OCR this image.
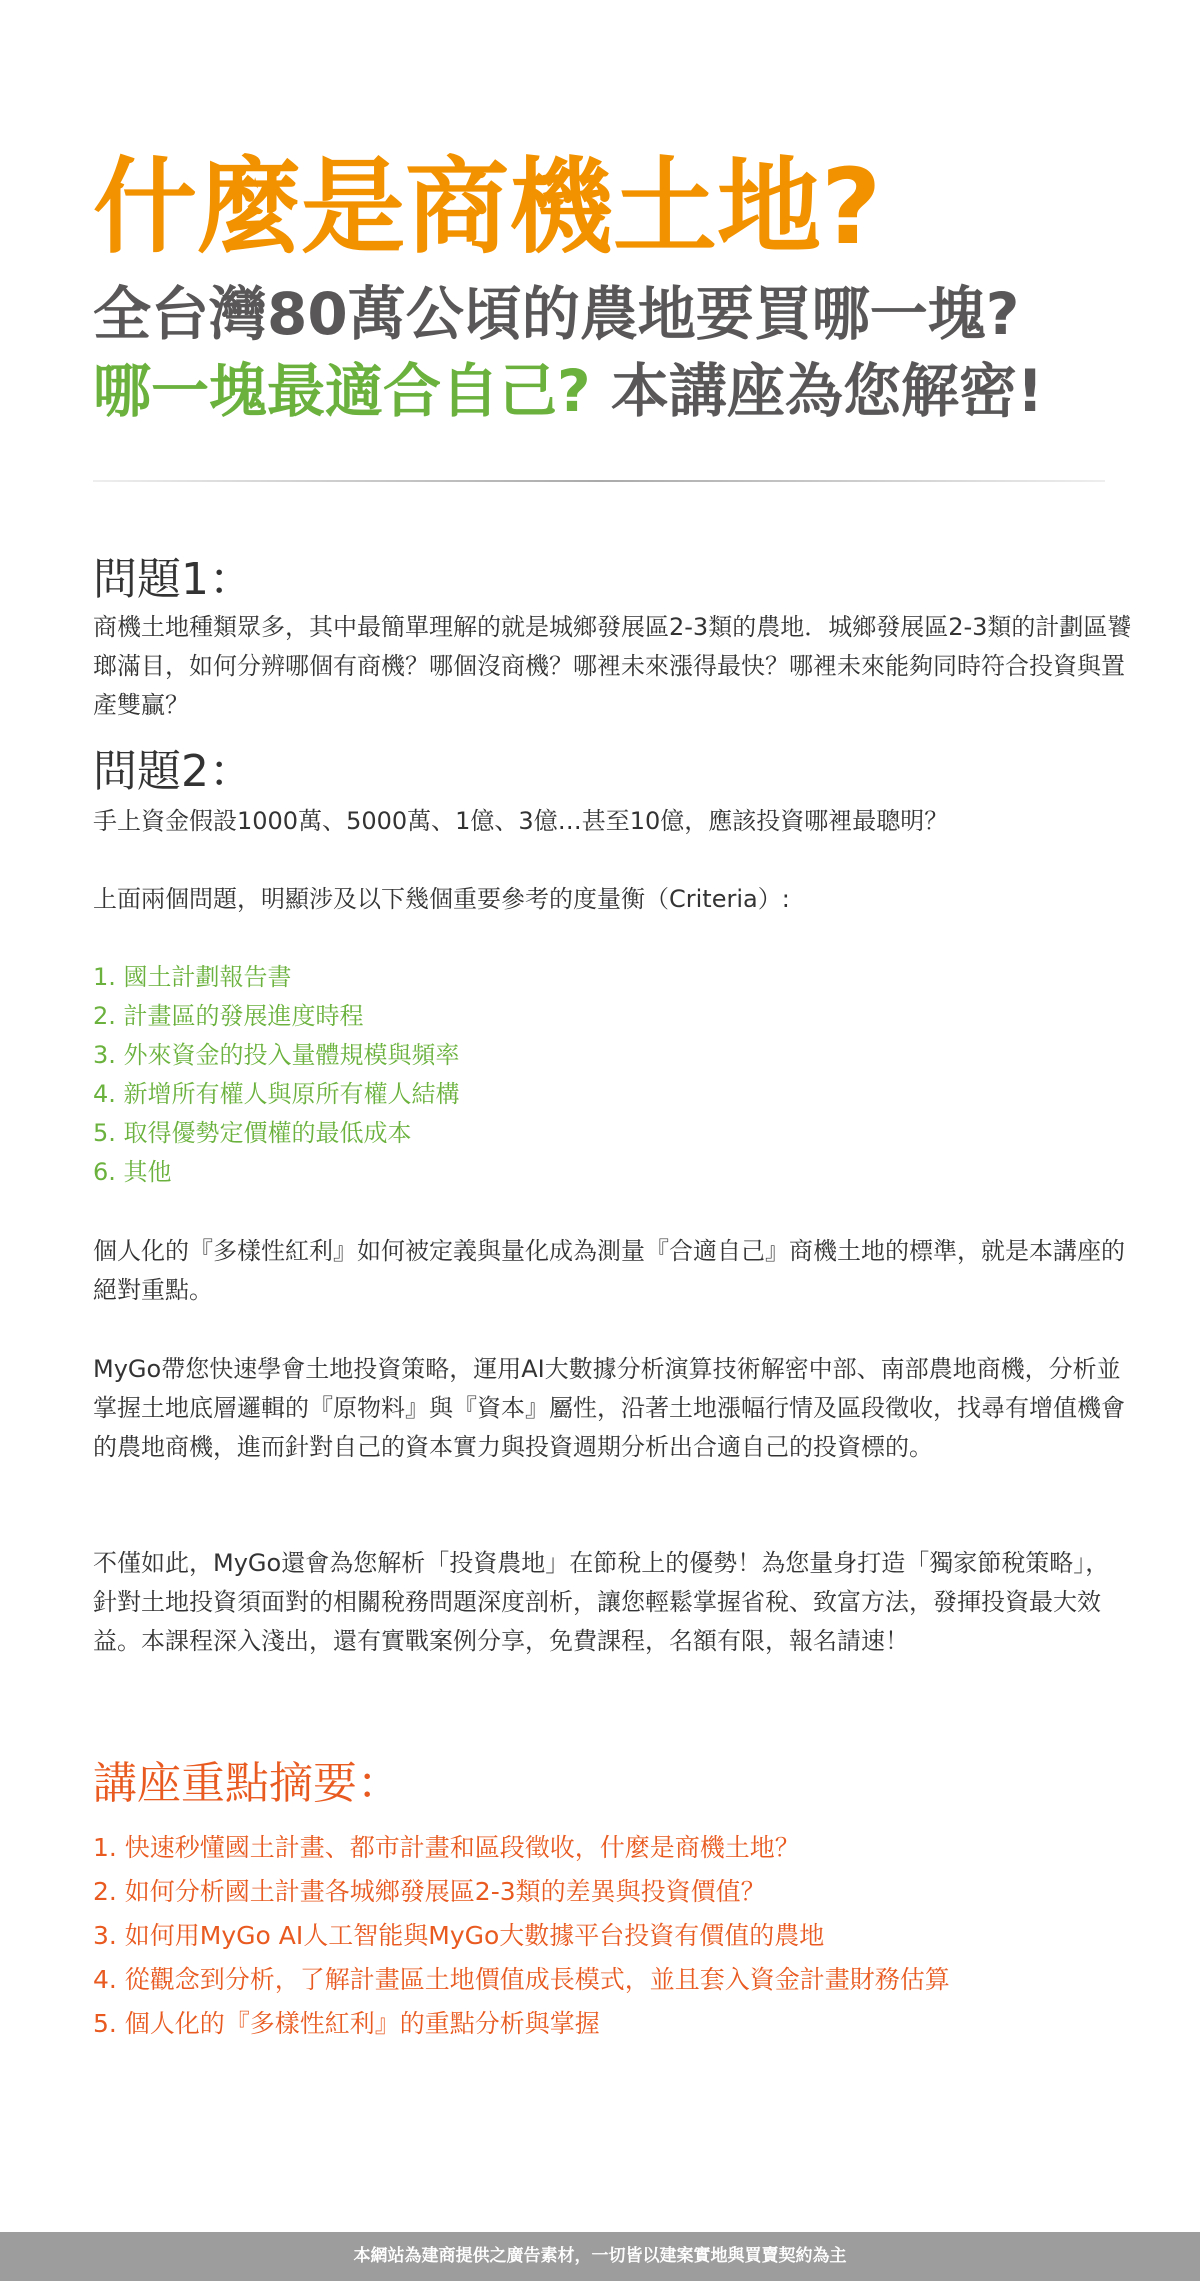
什麼是商機土地?
全台灣80萬公頃的農地要買哪一塊?
哪一塊最適合自己? 本講座為您解密!
問題1：

商機土地種類眾多，其中最簡單理解的就是城鄉發展區2-3類的農地．城鄉發展區2-3類的計劃區饕瑯滿目，如何分辨哪個有商機？哪個沒商機？哪裡未來漲得最快？哪裡未來能夠同時符合投資與置產雙贏？

問題2：

手上資金假設1000萬、5000萬、1億、3億…甚至10億，應該投資哪裡最聰明？

上面兩個問題，明顯涉及以下幾個重要參考的度量衡（Criteria）:

1. 國土計劃報告書
2. 計畫區的發展進度時程
3. 外來資金的投入量體規模與頻率
4. 新增所有權人與原所有權人結構
5. 取得優勢定價權的最低成本
6. 其他

個人化的『多樣性紅利』如何被定義與量化成為測量『合適自己』商機土地的標準，就是本講座的絕對重點。

MyGo帶您快速學會土地投資策略，運用AI大數據分析演算技術解密中部、南部農地商機，分析並掌握土地底層邏輯的『原物料』與『資本』屬性，沿著土地漲幅行情及區段徵收，找尋有增值機會的農地商機，進而針對自己的資本實力與投資週期分析出合適自己的投資標的。

不僅如此，MyGo還會為您解析「投資農地」在節稅上的優勢！為您量身打造「獨家節稅策略」，針對土地投資須面對的相關稅務問題深度剖析，讓您輕鬆掌握省稅、致富方法，發揮投資最大效益。本課程深入淺出，還有實戰案例分享，免費課程，名額有限，報名請速！

講座重點摘要：
1. 快速秒懂國土計畫、都市計畫和區段徵收，什麼是商機土地？
2. 如何分析國土計畫各城鄉發展區2-3類的差異與投資價值？
3. 如何用MyGo AI人工智能與MyGo大數據平台投資有價值的農地
4. 從觀念到分析，了解計畫區土地價值成長模式，並且套入資金計畫財務估算
5. 個人化的『多樣性紅利』的重點分析與掌握
本網站為建商提供之廣告素材，一切皆以建案實地與買賣契約為主
